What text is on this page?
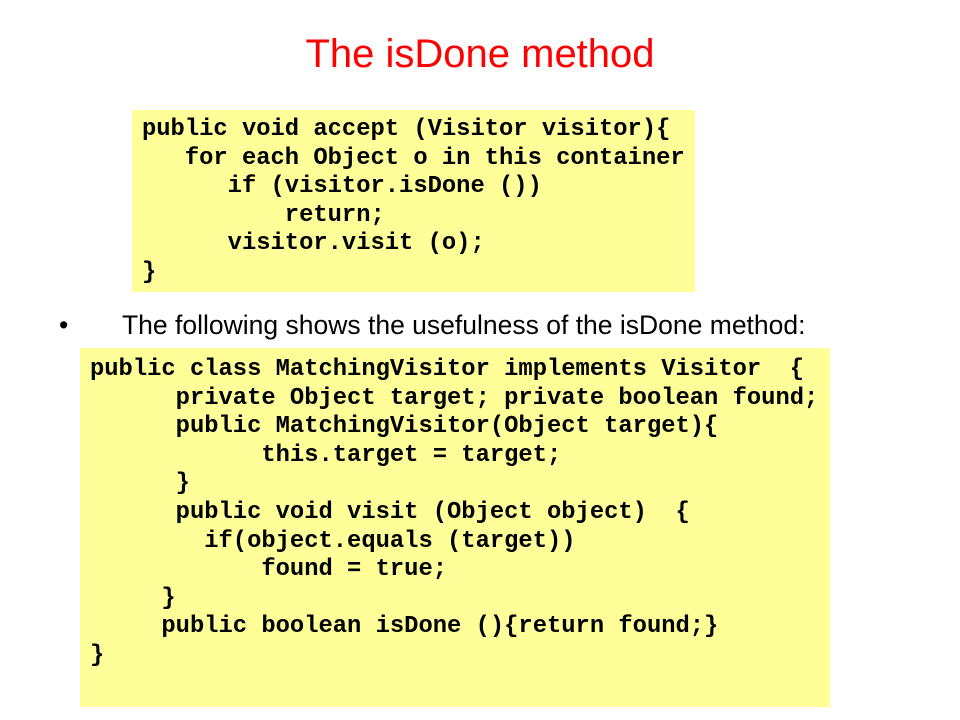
The isDone method
public void accept (Visitor visitor){
for each Object o in this container
if (visitor.isDone ())
return;
visitor.visit (o);
}
• The following shows the usefulness of the isDone method:
public class MatchingVisitor implements Visitor  {
private Object target; private boolean found;
public MatchingVisitor(Object target){
this.target = target;
}
public void visit (Object object)  {
if(object.equals (target))
found = true;
}
public boolean isDone (){return found;}
}
